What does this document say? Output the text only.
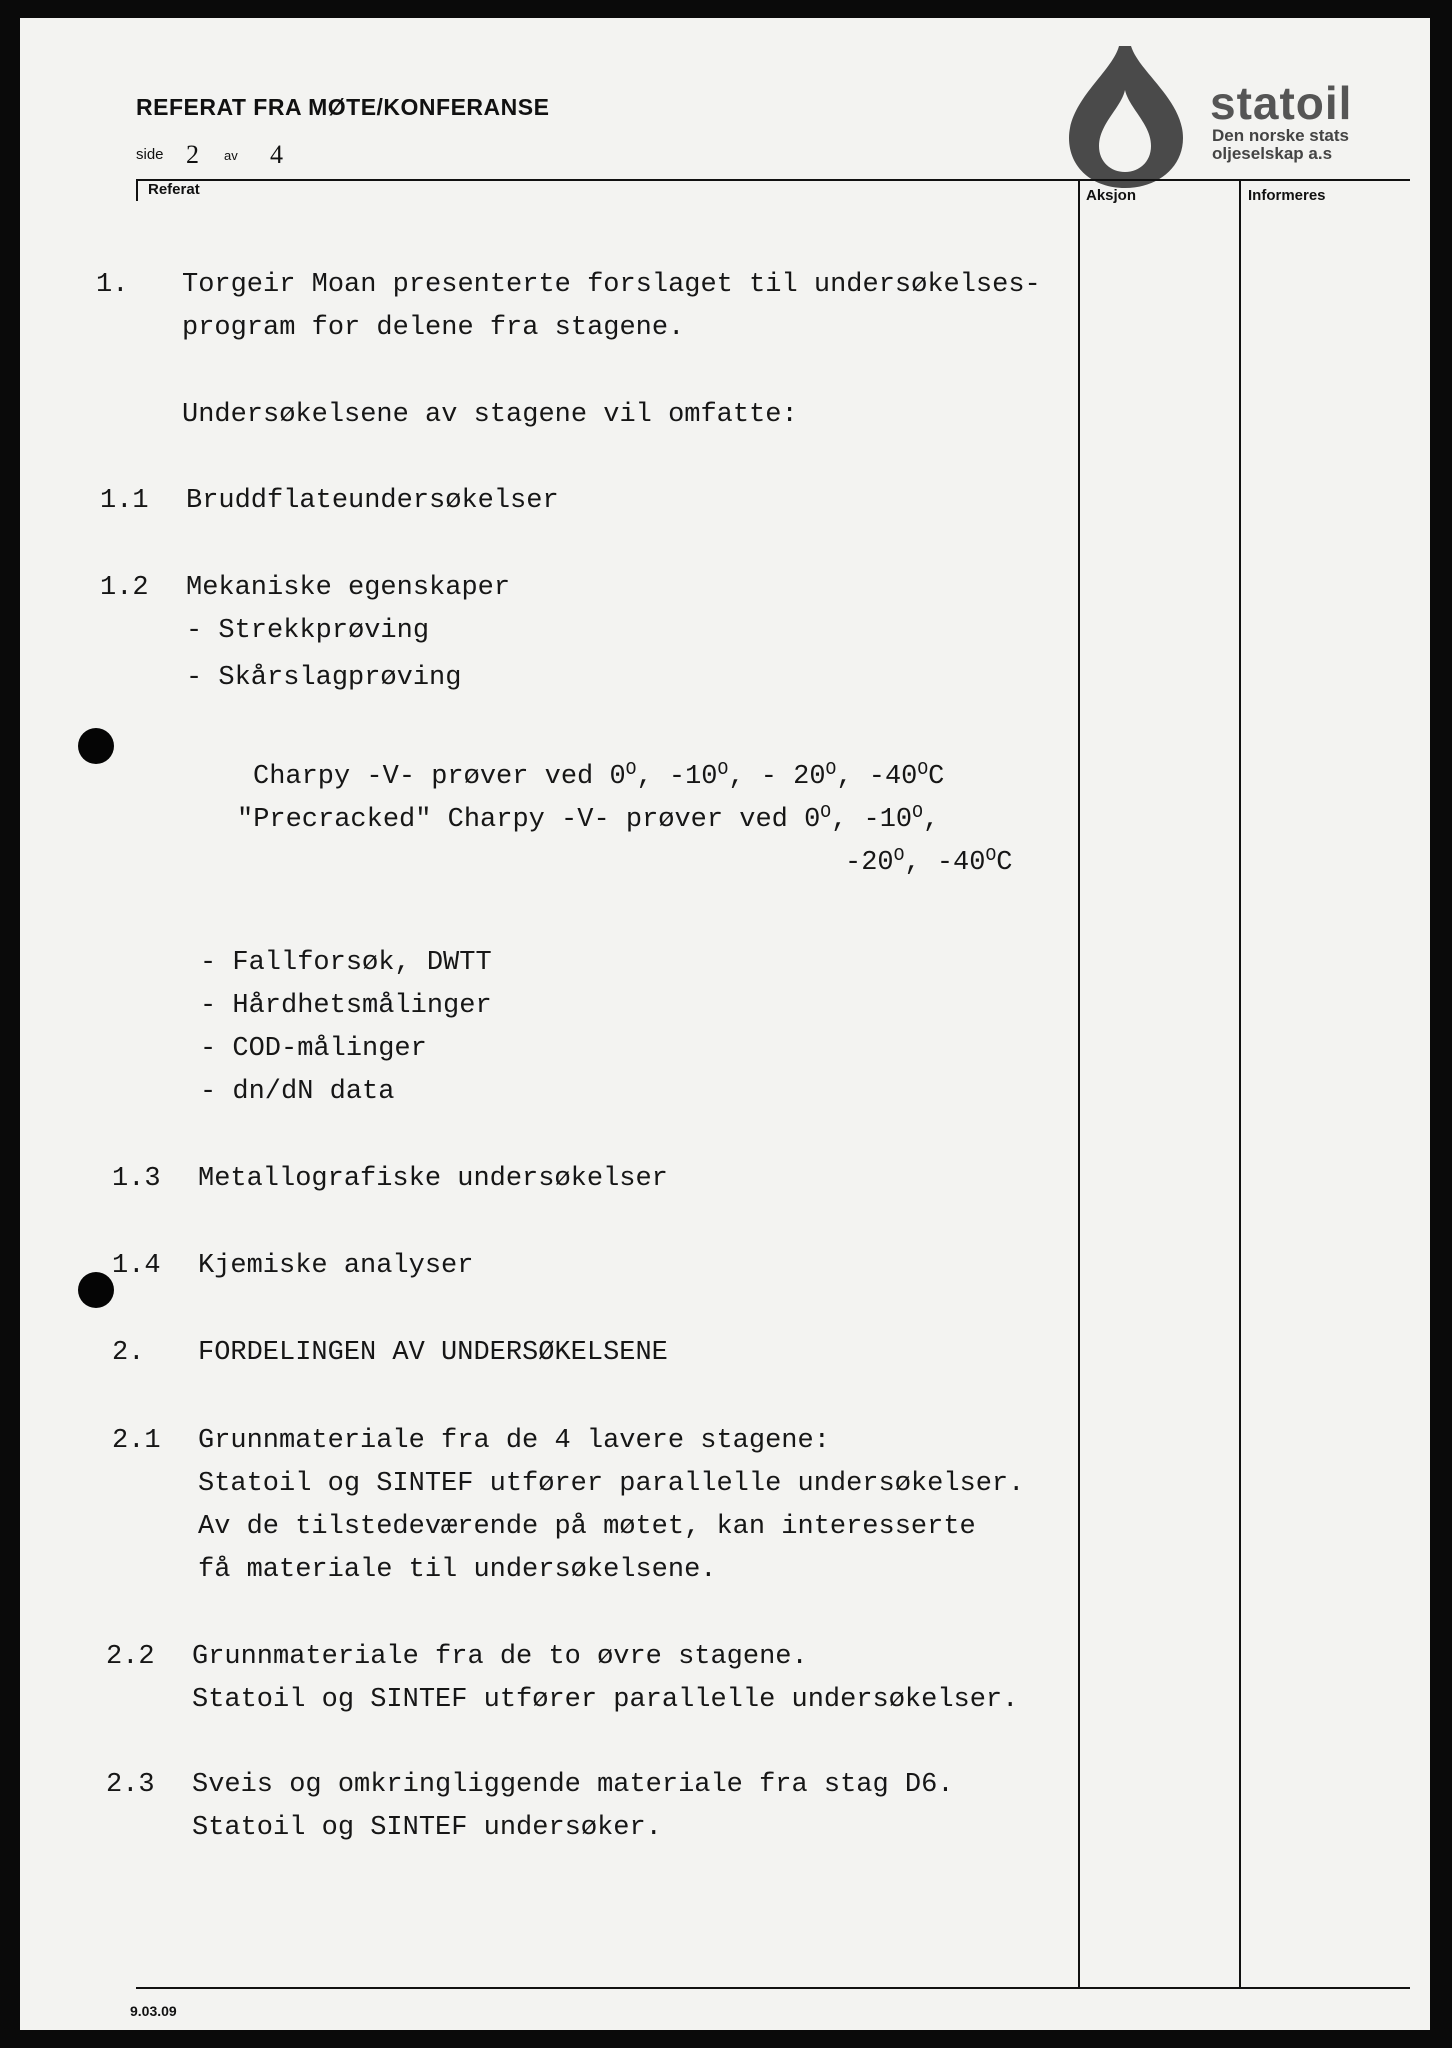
REFERAT FRA MØTE/KONFERANSE
side 2 av 4
statoil
Den norske stats
oljeselskap a.s
Referat	Aksjon	Informeres
1. Torgeir Moan presenterte forslaget til undersøkelses-
program for delene fra stagene.
Undersøkelsene av stagene vil omfatte:
1.1 Bruddflateundersøkelser
1.2 Mekaniske egenskaper
- Strekkprøving
- Skårslagprøving
Charpy -V- prøver ved $0^O$, $-10^O$, - $20^O$, $-40^OC$
"Precracked" Charpy -V- prøver ved $0^O$, $-10^O$,
$-20^O$, $-40^OC$
- Fallforsøk, DWTT
- Hårdhetsmålinger
- COD-målinger
- dn/dN data
1.3 Metallografiske undersøkelser
1.4 Kjemiske analyser
2. FORDELINGEN AV UNDERSØKELSENE
2.1 Grunnmateriale fra de 4 lavere stagene:
Statoil og SINTEF utfører parallelle undersøkelser.
Av de tilstedeværende på møtet, kan interesserte
få materiale til undersøkelsene.
2.2 Grunnmateriale fra de to øvre stagene.
Statoil og SINTEF utfører parallelle undersøkelser.
2.3 Sveis og omkringliggende materiale fra stag D6.
Statoil og SINTEF undersøker.
9.03.09
